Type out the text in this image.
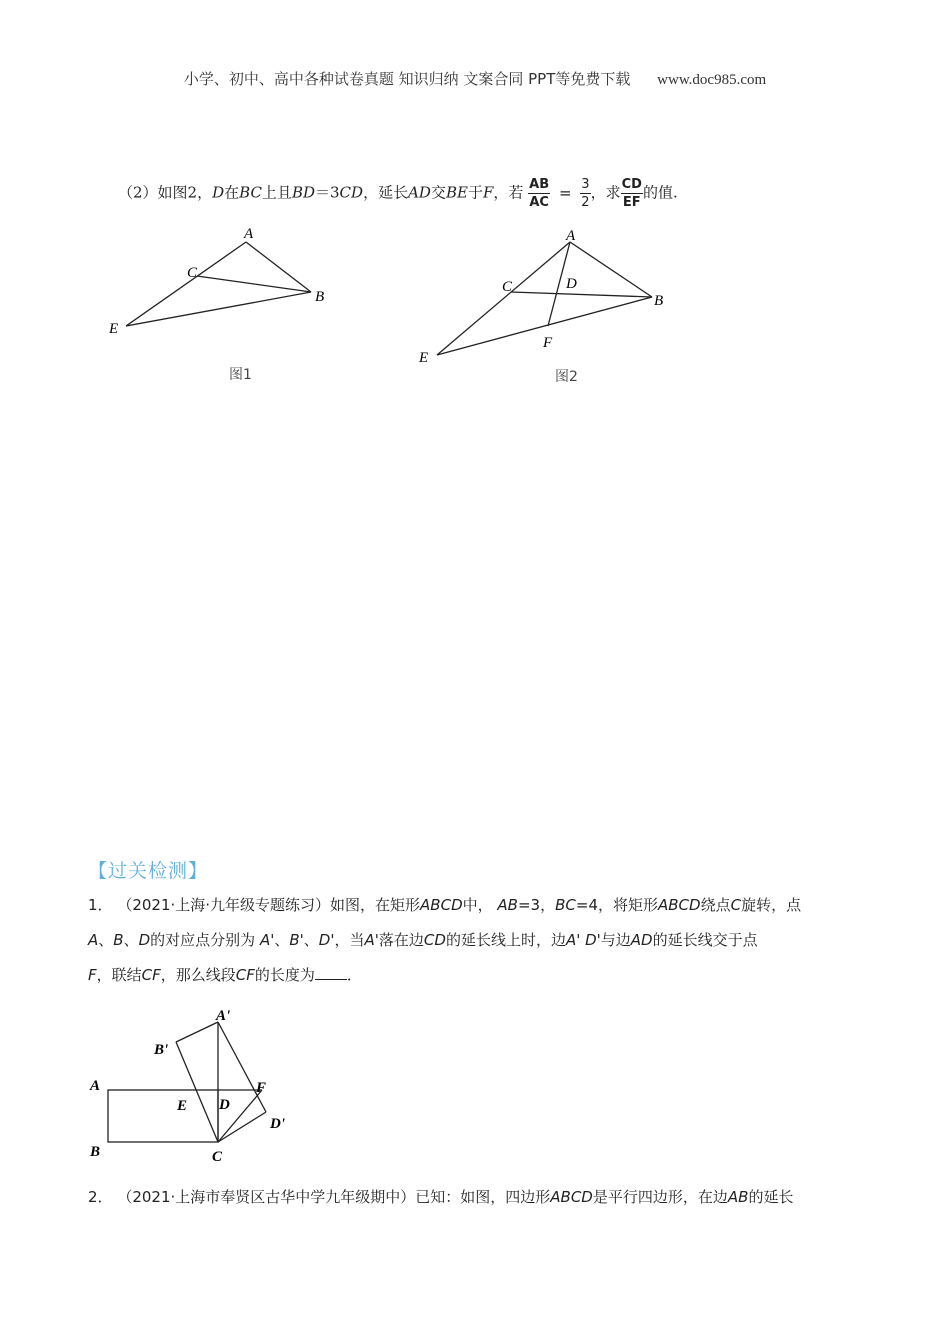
小学、初中、高中各种试卷真题 知识归纳 文案合同 PPT等免费下载 www.doc985.com
（2）如图2，D在BC上且BD＝3CD，延长AD交BE于F，若 $\frac{AB}{AC} = \frac{3}{2}$ ，求 $\frac{CD}{EF}$ 的值.
A
B
C
E
图1
A
B
C	D
E
F
图2
【过关检测】
1． （2021·上海·九年级专题练习）如图，在矩形ABCD中， AB=3，BC=4，将矩形ABCD绕点C旋转，点
A、B、D的对应点分别为 A'、B'、D'，当A'落在边CD的延长线上时，边A' D'与边AD的延长线交于点
F，联结CF，那么线段CF的长度为 ．
A'
B'
A
E D
F
D'
B	C
2． （2021·上海市奉贤区古华中学九年级期中）已知：如图，四边形ABCD是平行四边形，在边AB的延长
